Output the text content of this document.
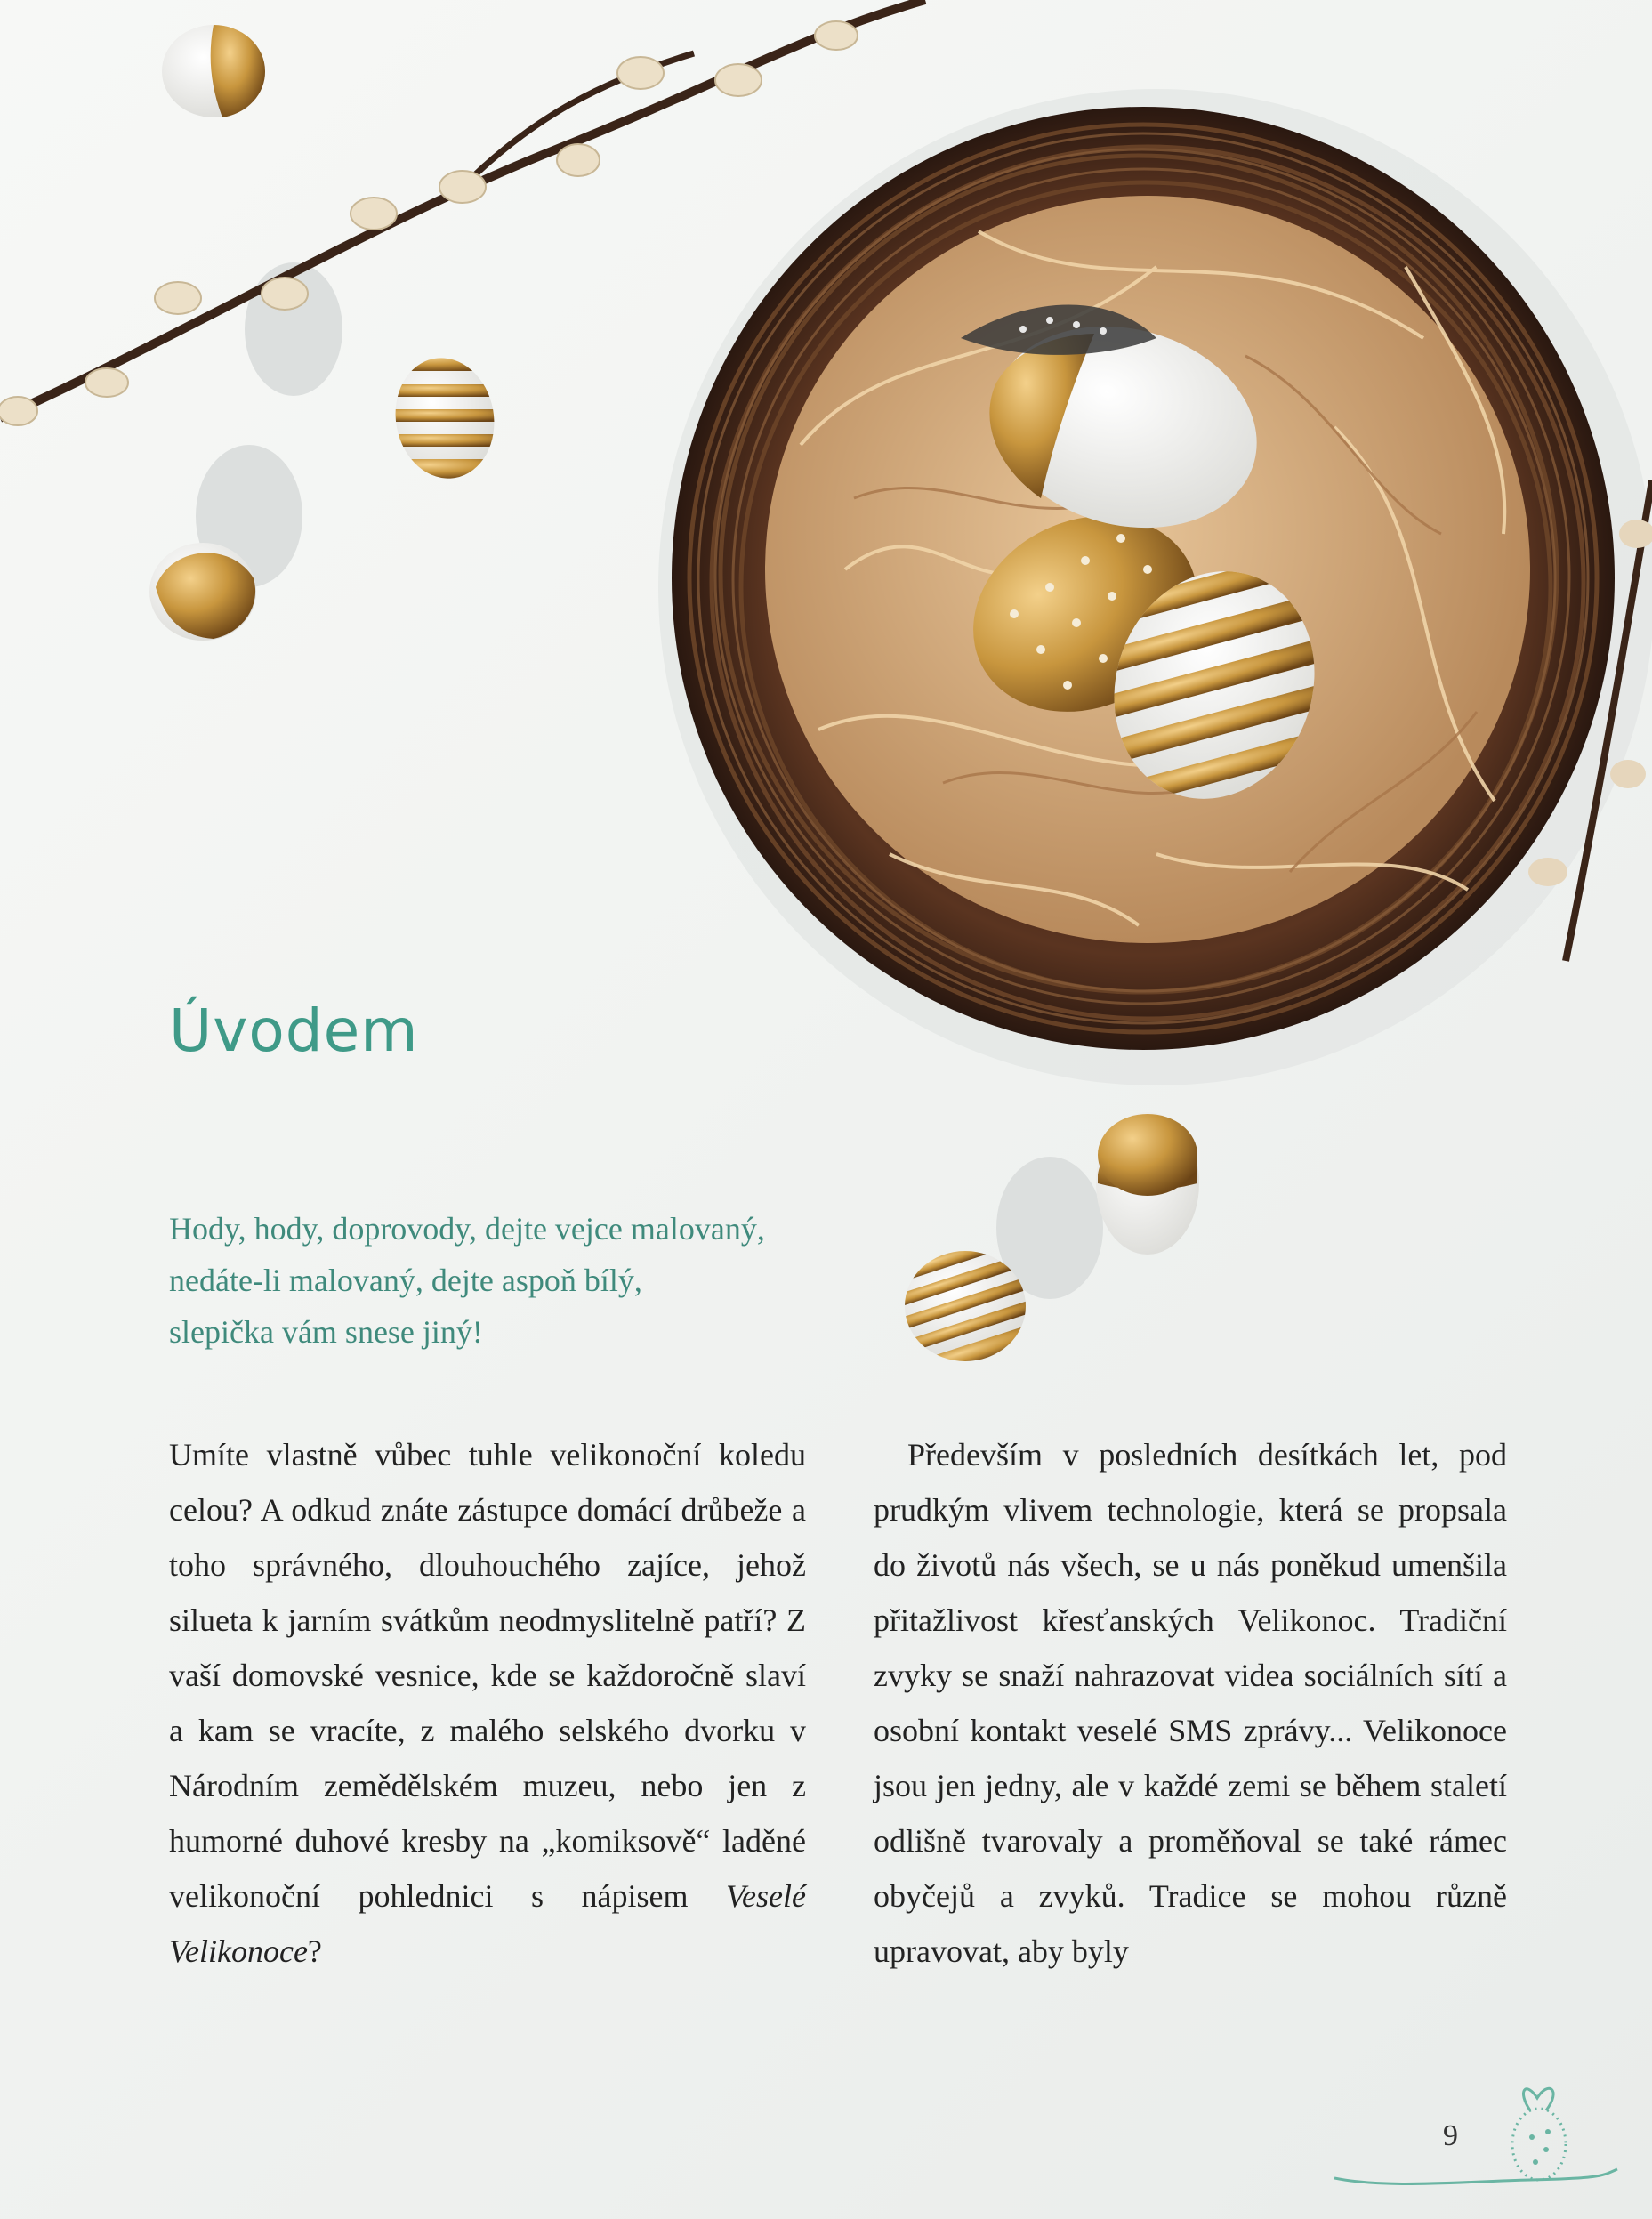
Úvodem
Hody, hody, doprovody, dejte vejce malovaný,
nedáte-li malovaný, dejte aspoň bílý,
slepička vám snese jiný!
Umíte vlastně vůbec tuhle velikonoční koledu celou? A odkud znáte zástupce domácí drůbeže a toho správného, dlouhouchého zajíce, jehož silueta k jarním svátkům neodmyslitelně patří? Z vaší domovské vesnice, kde se každoročně slaví a kam se vracíte, z malého selského dvorku v Národním zemědělském muzeu, nebo jen z humorné duhové kresby na „komiksově“ laděné velikonoční pohlednici s nápisem Veselé Velikonoce?
Především v posledních desítkách let, pod prudkým vlivem technologie, která se propsala do životů nás všech, se u nás poněkud umenšila přitažlivost křesťanských Velikonoc. Tradiční zvyky se snaží nahrazovat videa sociálních sítí a osobní kontakt veselé SMS zprávy... Velikonoce jsou jen jedny, ale v každé zemi se během staletí odlišně tvarovaly a proměňoval se také rámec obyčejů a zvyků. Tradice se mohou různě upravovat, aby byly
9
